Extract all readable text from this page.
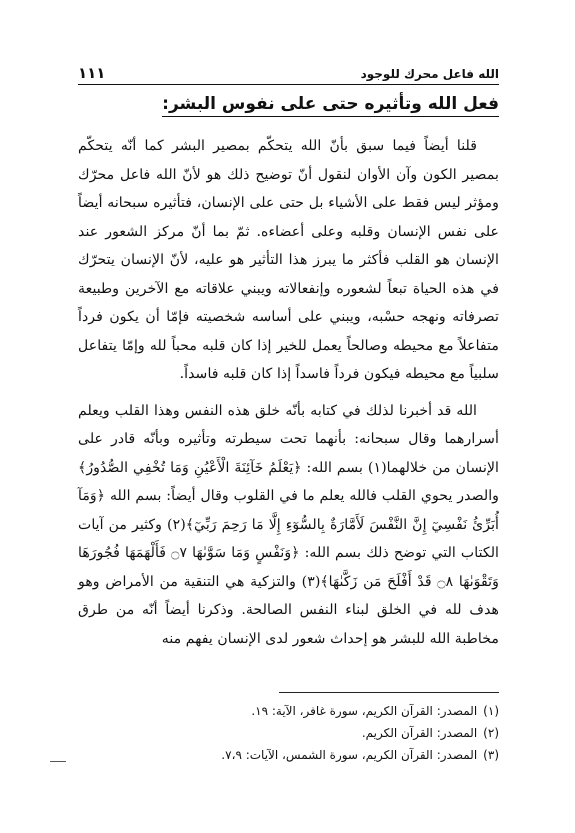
الله فاعل محرك للوجود
١١١
فعل الله وتأثيره حتى على نفوس البشر:

قلنا أيضاً فيما سبق بأنّ الله يتحكّم بمصير البشر كما أنّه يتحكّم بمصير الكون وآن الأوان لنقول أنّ توضيح ذلك هو لأنّ الله فاعل محرّك ومؤثر ليس فقط على الأشياء بل حتى على الإنسان، فتأثيره سبحانه أيضاً على نفس الإنسان وقلبه وعلى أعضاءه. ثمّ بما أنّ مركز الشعور عند الإنسان هو القلب فأكثر ما يبرز هذا التأثير هو عليه، لأنّ الإنسان يتحرّك في هذه الحياة تبعاً لشعوره وإنفعالاته ويبني علاقاته مع الآخرين وطبيعة تصرفاته ونهجه حسْبه، ويبني على أساسه شخصيته فإمّا أن يكون فرداً متفاعلاً مع محيطه وصالحاً يعمل للخير إذا كان قلبه محباً لله وإمّا يتفاعل سلبياً مع محيطه فيكون فرداً فاسداً إذا كان قلبه فاسداً.

الله قد أخبرنا لذلك في كتابه بأنّه خلق هذه النفس وهذا القلب ويعلم أسرارهما وقال سبحانه: بأنهما تحت سيطرته وتأثيره وبأنّه قادر على الإنسان من خلالهما(١) بسم الله: ﴿يَعْلَمُ خَآئِنَةَ الْأَعْيُنِ وَمَا تُخْفِي الصُّدُورُ﴾ والصدر يحوي القلب فالله يعلم ما في القلوب وقال أيضاً: بسم الله ﴿وَمَآ أُبَرِّئُ نَفْسِيٓ إِنَّ النَّفْسَ لَأَمَّارَةٌ بِالسُّوٓءِ إِلَّا مَا رَحِمَ رَبِّيٓ﴾(٢) وكثير من آيات الكتاب التي توضح ذلك بسم الله: ﴿وَنَفْسٍ وَمَا سَوَّىٰهَا ۝٧ فَأَلْهَمَهَا فُجُورَهَا وَتَقْوَىٰهَا ۝٨ قَدْ أَفْلَحَ مَن زَكَّىٰهَا﴾(٣) والتزكية هي التنقية من الأمراض وهو هدف لله في الخلق لبناء النفس الصالحة. وذكرنا أيضاً أنّه من طرق مخاطبة الله للبشر هو إحداث شعور لدى الإنسان يفهم منه

(١)المصدر: القرآن الكريم، سورة غافر، الآية: ١٩.
(٢)المصدر: القرآن الكريم.
(٣)المصدر: القرآن الكريم، سورة الشمس، الآيات: ٧،٩.
